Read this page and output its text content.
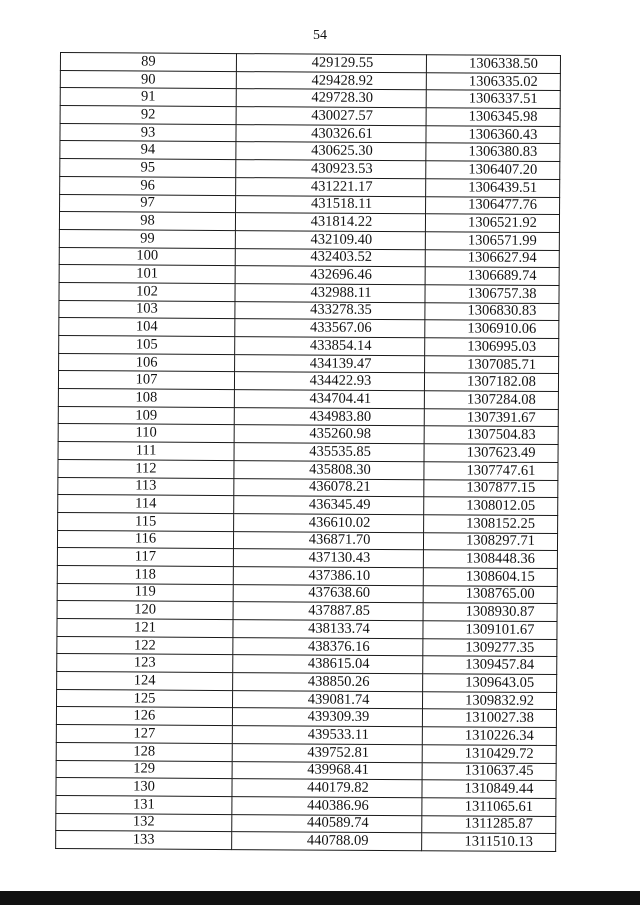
54
89	429129.55	1306338.50
90	429428.92	1306335.02
91	429728.30	1306337.51
92	430027.57	1306345.98
93	430326.61	1306360.43
94	430625.30	1306380.83
95	430923.53	1306407.20
96	431221.17	1306439.51
97	431518.11	1306477.76
98	431814.22	1306521.92
99	432109.40	1306571.99
100	432403.52	1306627.94
101	432696.46	1306689.74
102	432988.11	1306757.38
103	433278.35	1306830.83
104	433567.06	1306910.06
105	433854.14	1306995.03
106	434139.47	1307085.71
107	434422.93	1307182.08
108	434704.41	1307284.08
109	434983.80	1307391.67
110	435260.98	1307504.83
111	435535.85	1307623.49
112	435808.30	1307747.61
113	436078.21	1307877.15
114	436345.49	1308012.05
115	436610.02	1308152.25
116	436871.70	1308297.71
117	437130.43	1308448.36
118	437386.10	1308604.15
119	437638.60	1308765.00
120	437887.85	1308930.87
121	438133.74	1309101.67
122	438376.16	1309277.35
123	438615.04	1309457.84
124	438850.26	1309643.05
125	439081.74	1309832.92
126	439309.39	1310027.38
127	439533.11	1310226.34
128	439752.81	1310429.72
129	439968.41	1310637.45
130	440179.82	1310849.44
131	440386.96	1311065.61
132	440589.74	1311285.87
133	440788.09	1311510.13
